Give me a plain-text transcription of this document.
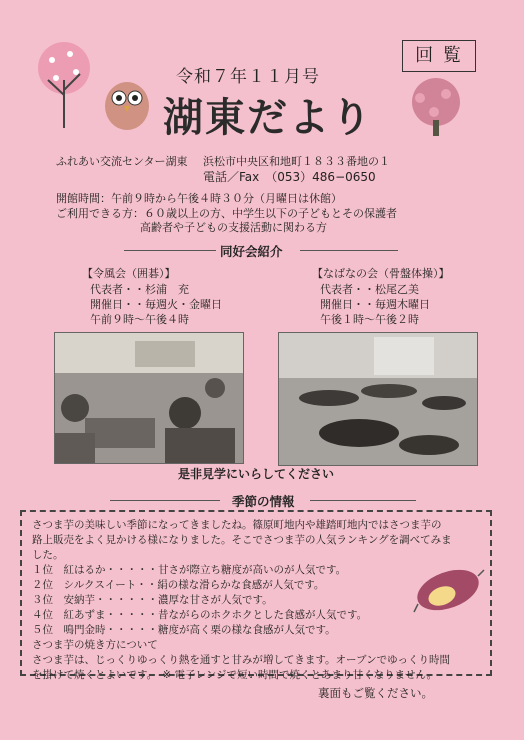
令和７年１１月号
回 覧
湖東だより
ふれあい交流センター湖東 浜松市中央区和地町１８３３番地の１
電話／Fax　（053）486−0650
開館時間：午前９時から午後４時３０分（月曜日は休館）
ご利用できる方：６０歳以上の方、中学生以下の子どもとその保護者
高齢者や子どもの支援活動に関わる方
同好会紹介
【令風会（囲碁）】
代表者・・杉浦　充
開催日・・毎週火・金曜日
午前９時〜午後４時
【なばなの会（骨盤体操）】
代表者・・松尾乙美
開催日・・毎週木曜日
午後１時〜午後２時
是非見学にいらしてください
季節の情報
さつま芋の美味しい季節になってきましたね。篠原町地内や雄踏町地内ではさつま芋の
路上販売をよく見かける様になりました。そこでさつま芋の人気ランキングを調べてみま
した。
１位　紅はるか・・・・・甘さが際立ち糖度が高いのが人気です。
２位　シルクスイート・・絹の様な滑らかな食感が人気です。
３位　安納芋・・・・・・濃厚な甘さが人気です。
４位　紅あずま・・・・・昔ながらのホクホクとした食感が人気です。
５位　鳴門金時・・・・・糖度が高く栗の様な食感が人気です。
さつま芋の焼き方について
さつま芋は、じっくりゆっくり熱を通すと甘みが増してきます。オーブンでゆっくり時間
を掛けて焼くとよいです。　※ 電子レンジで短い時間で焼くとあまり甘くなりません。
裏面もご覧ください。
